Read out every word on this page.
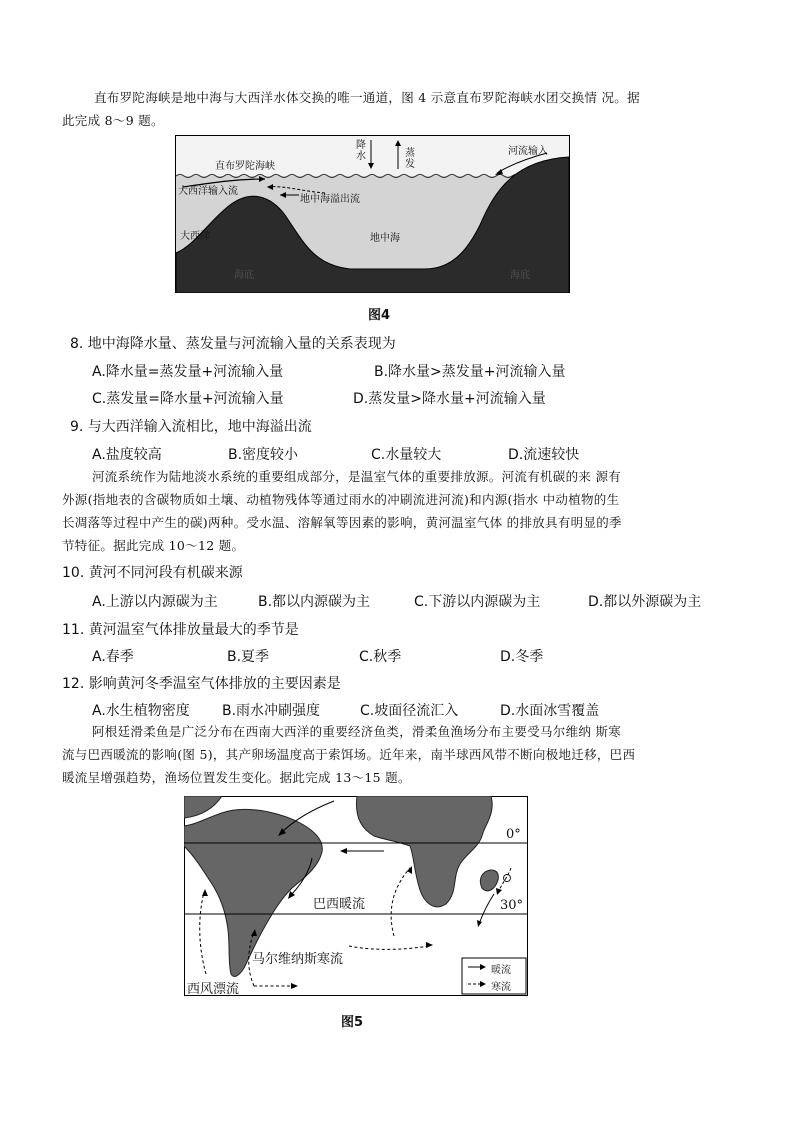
直布罗陀海峡是地中海与大西洋水体交换的唯一通道，图 4 示意直布罗陀海峡水团交换情 况。据
此完成 8～9 题。
直布罗陀海峡
降水	蒸发
河流输入
大西洋输入流
地中海溢出流
大西洋	地中海
海底	海底
图4
8. 地中海降水量、蒸发量与河流输入量的关系表现为
A.降水量=蒸发量+河流输入量	B.降水量>蒸发量+河流输入量
C.蒸发量=降水量+河流输入量	D.蒸发量>降水量+河流输入量
9. 与大西洋输入流相比，地中海溢出流
A.盐度较高	B.密度较小	C.水量较大	D.流速较快
河流系统作为陆地淡水系统的重要组成部分，是温室气体的重要排放源。河流有机碳的来 源有
外源(指地表的含碳物质如土壤、动植物残体等通过雨水的冲刷流进河流)和内源(指水 中动植物的生
长凋落等过程中产生的碳)两种。受水温、溶解氧等因素的影响，黄河温室气体 的排放具有明显的季
节特征。据此完成 10～12 题。
10. 黄河不同河段有机碳来源
A.上游以内源碳为主	B.都以内源碳为主	C.下游以内源碳为主	D.都以外源碳为主
11. 黄河温室气体排放量最大的季节是
A.春季	B.夏季	C.秋季	D.冬季
12. 影响黄河冬季温室气体排放的主要因素是
A.水生植物密度 B.雨水冲刷强度	C.坡面径流汇入	D.水面冰雪覆盖
阿根廷滑柔鱼是广泛分布在西南大西洋的重要经济鱼类，滑柔鱼渔场分布主要受马尔维纳 斯寒
流与巴西暖流的影响(图 5)，其产卵场温度高于索饵场。近年来，南半球西风带不断向极地迁移，巴西
暖流呈增强趋势，渔场位置发生变化。据此完成 13～15 题。
0°
30°
巴西暖流
马尔维纳斯寒流
西风漂流
暖流
寒流
图5
